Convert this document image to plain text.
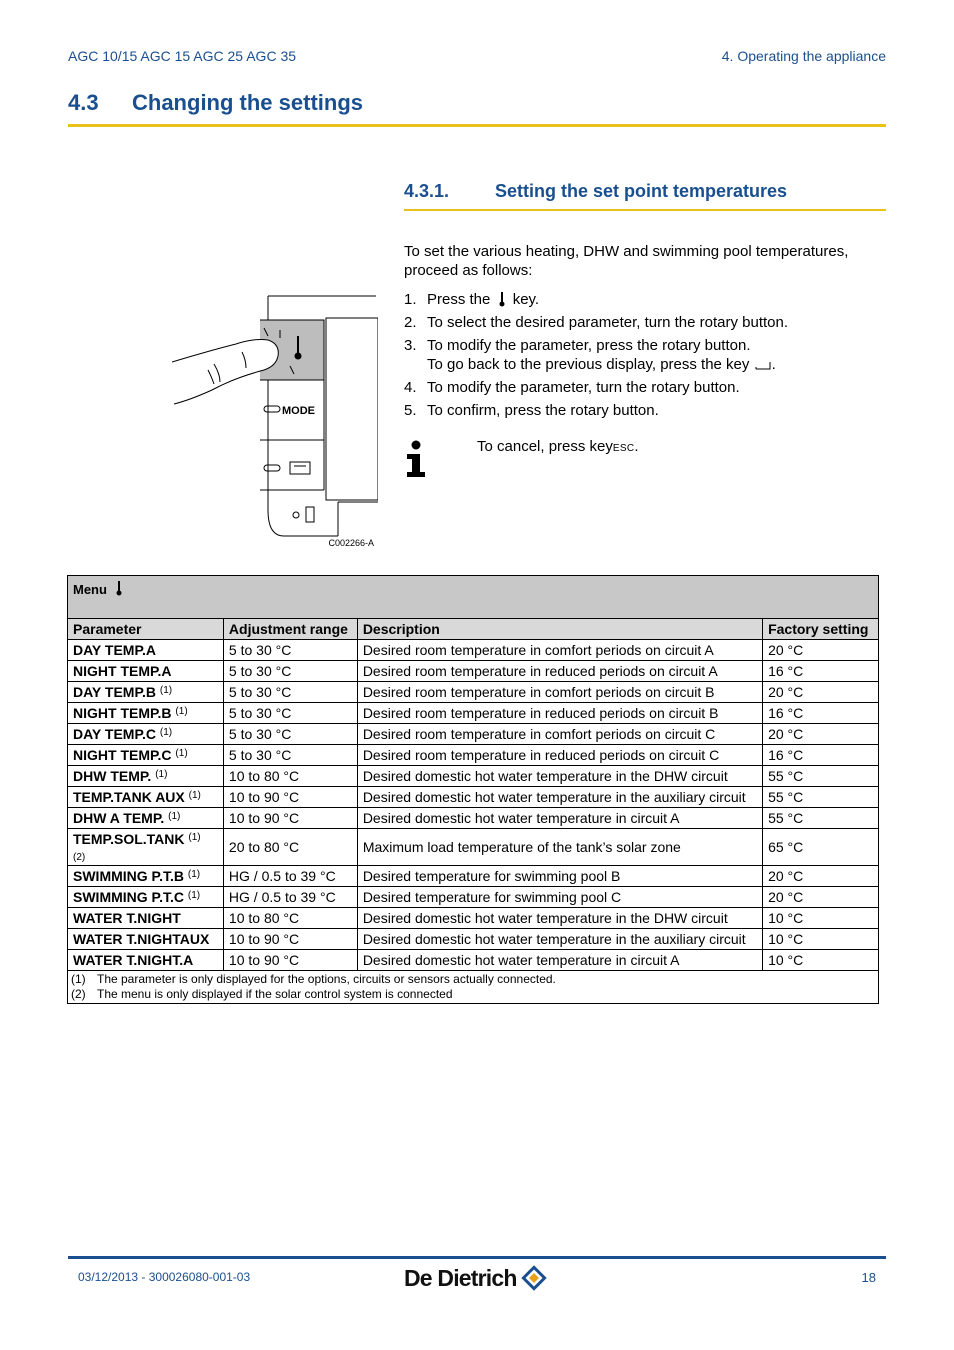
AGC 10/15 AGC 15 AGC 25 AGC 35	4. Operating the appliance
4.3 Changing the settings
4.3.1.	Setting the set point temperatures
MODE
C002266-A
To set the various heating, DHW and swimming pool temperatures, proceed as follows:
1. Press the  key.
2. To select the desired parameter, turn the rotary button.
3. To modify the parameter, press the rotary button.
To go back to the previous display, press the key .
4. To modify the parameter, turn the rotary button.
5. To confirm, press the rotary button.
To cancel, press keyESC.
Menu			
Parameter	Adjustment range	Description	Factory setting
DAY TEMP.A	5 to 30 °C	Desired room temperature in comfort periods on circuit A	20 °C
NIGHT TEMP.A	5 to 30 °C	Desired room temperature in reduced periods on circuit A	16 °C
DAY TEMP.B $^{(1)}$	5 to 30 °C	Desired room temperature in comfort periods on circuit B	20 °C
NIGHT TEMP.B $^{(1)}$	5 to 30 °C	Desired room temperature in reduced periods on circuit B	16 °C
DAY TEMP.C $^{(1)}$	5 to 30 °C	Desired room temperature in comfort periods on circuit C	20 °C
NIGHT TEMP.C $^{(1)}$	5 to 30 °C	Desired room temperature in reduced periods on circuit C	16 °C
DHW TEMP. $^{(1)}$	10 to 80 °C	Desired domestic hot water temperature in the DHW circuit	55 °C
TEMP.TANK AUX $^{(1)}$	10 to 90 °C	Desired domestic hot water temperature in the auxiliary circuit	55 °C
DHW A TEMP. $^{(1)}$	10 to 90 °C	Desired domestic hot water temperature in circuit A	55 °C
TEMP.SOL.TANK $^{(1)}$
(2)	20 to 80 °C	Maximum load temperature of the tank’s solar zone	65 °C
SWIMMING P.T.B $^{(1)}$	HG / 0.5 to 39 °C	Desired temperature for swimming pool B	20 °C
SWIMMING P.T.C $^{(1)}$	HG / 0.5 to 39 °C	Desired temperature for swimming pool C	20 °C
WATER T.NIGHT	10 to 80 °C	Desired domestic hot water temperature in the DHW circuit	10 °C
WATER T.NIGHTAUX	10 to 90 °C	Desired domestic hot water temperature in the auxiliary circuit	10 °C
WATER T.NIGHT.A	10 to 90 °C	Desired domestic hot water temperature in circuit A	10 °C

(1) The parameter is only displayed for the options, circuits or sensors actually connected.
(2) The menu is only displayed if the solar control system is connected			
03/12/2013 - 300026080-001-03	De Dietrich	18
